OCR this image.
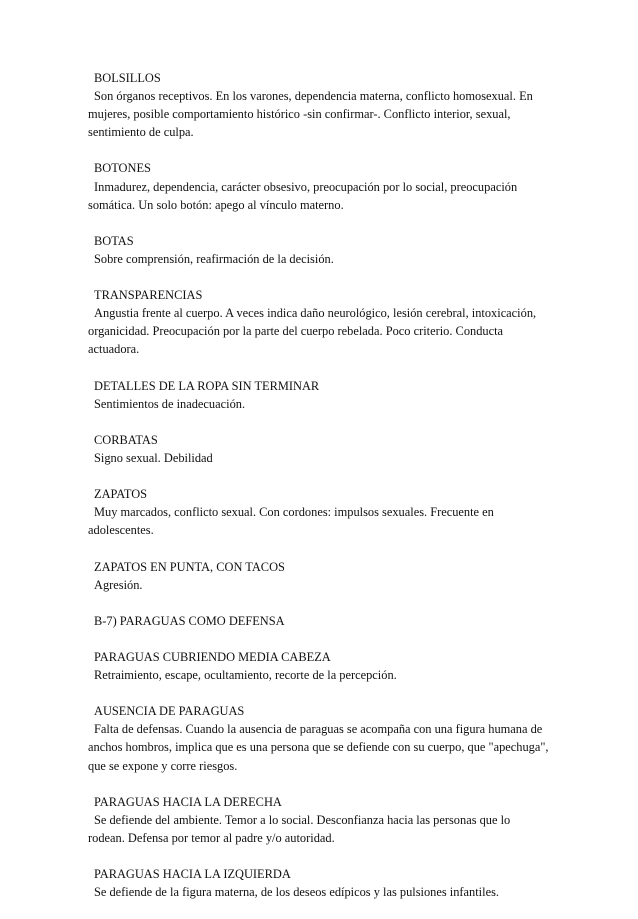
BOLSILLOS
Son órganos receptivos. En los varones, dependencia materna, conflicto homosexual. En mujeres, posible comportamiento histórico -sin confirmar-. Conflicto interior, sexual, sentimiento de culpa.
BOTONES
Inmadurez, dependencia, carácter obsesivo, preocupación por lo social, preocupación somática. Un solo botón: apego al vínculo materno.
BOTAS
Sobre comprensión, reafirmación de la decisión.
TRANSPARENCIAS
Angustia frente al cuerpo. A veces indica daño neurológico, lesión cerebral, intoxicación, organicidad. Preocupación por la parte del cuerpo rebelada. Poco criterio. Conducta actuadora.
DETALLES DE LA ROPA SIN TERMINAR
Sentimientos de inadecuación.
CORBATAS
Signo sexual. Debilidad
ZAPATOS
Muy marcados, conflicto sexual. Con cordones: impulsos sexuales. Frecuente en adolescentes.
ZAPATOS EN PUNTA, CON TACOS
Agresión.
B-7) PARAGUAS COMO DEFENSA
PARAGUAS CUBRIENDO MEDIA CABEZA
Retraimiento, escape, ocultamiento, recorte de la percepción.
AUSENCIA DE PARAGUAS
Falta de defensas. Cuando la ausencia de paraguas se acompaña con una figura humana de anchos hombros, implica que es una persona que se defiende con su cuerpo, que "apechuga", que se expone y corre riesgos.
PARAGUAS HACIA LA DERECHA
Se defiende del ambiente. Temor a lo social. Desconfianza hacia las personas que lo rodean. Defensa por temor al padre y/o autoridad.
PARAGUAS HACIA LA IZQUIERDA
Se defiende de la figura materna, de los deseos edípicos y las pulsiones infantiles.
